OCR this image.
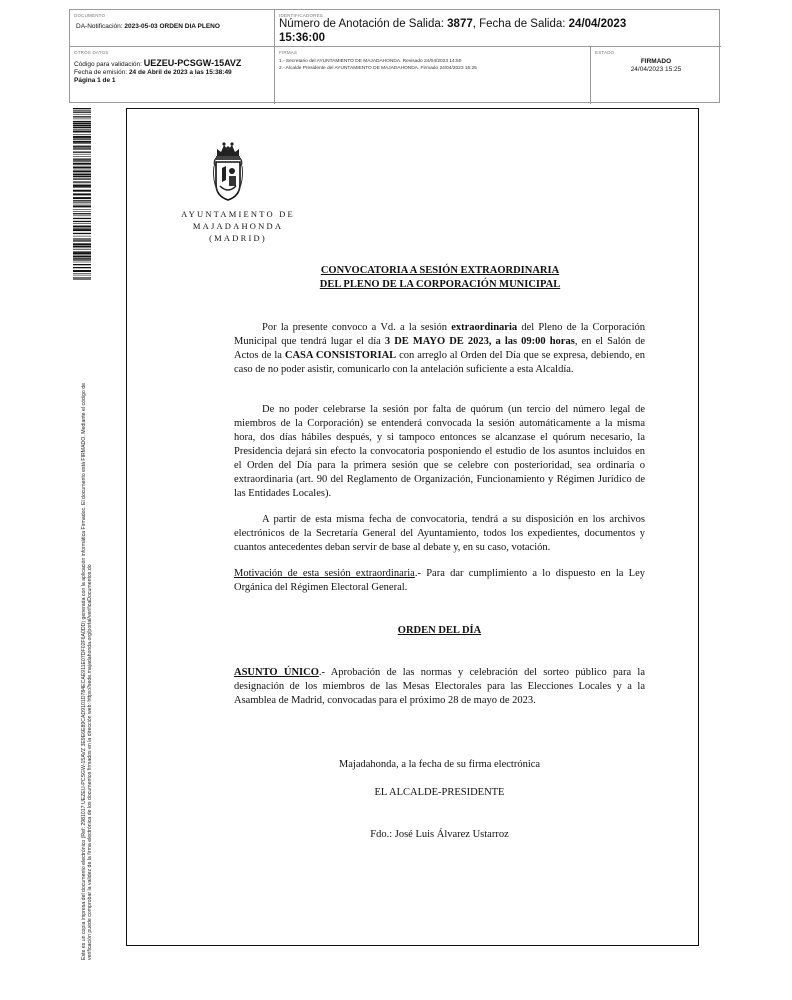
DOCUMENTO
DA-Notificación: 2023-05-03 ORDEN DIA PLENO
IDENTIFICADORES
Número de Anotación de Salida: 3877, Fecha de Salida: 24/04/2023
15:36:00
OTROS DATOS
Código para validación: UEZEU-PCSGW-15AVZ
Fecha de emisión: 24 de Abril de 2023 a las 15:38:49
Página 1 de 1
FIRMAS
1.- Secretario del AYUNTAMIENTO DE MAJADAHONDA. Revisado 24/04/2023 14:50
2.- Alcalde Presidente del AYUNTAMIENTO DE MAJADAHONDA. Firmado 24/04/2023 15:25
ESTADO
FIRMADO
24/04/2023 15:25
Este es un copia impresa del documento electrónico (Ref: 2981017 UEZEU-PCSGW-15AVZ 3E9E6E89CAD9101D784ECAE911E07DF02F6A0DD) generada con la aplicación informática Firmadoc. El documento está FIRMADO. Mediante el código de verificación puede comprobar la validez de la firma electrónica de los documentos firmados en la dirección web: https://sede.majadahonda.org/portal/verificaDocumentos.do
AYUNTAMIENTO DE
MAJADAHONDA
(MADRID)
CONVOCATORIA A SESIÓN EXTRAORDINARIA
DEL PLENO DE LA CORPORACIÓN MUNICIPAL
Por la presente convoco a Vd. a la sesión extraordinaria del Pleno de la Corporación Municipal que tendrá lugar el día 3 DE MAYO DE 2023, a las 09:00 horas, en el Salón de Actos de la CASA CONSISTORIAL con arreglo al Orden del Día que se expresa, debiendo, en caso de no poder asistir, comunicarlo con la antelación suficiente a esta Alcaldía.
De no poder celebrarse la sesión por falta de quórum (un tercio del número legal de miembros de la Corporación) se entenderá convocada la sesión automáticamente a la misma hora, dos días hábiles después, y si tampoco entonces se alcanzase el quórum necesario, la Presidencia dejará sin efecto la convocatoria posponiendo el estudio de los asuntos incluidos en el Orden del Día para la primera sesión que se celebre con posterioridad, sea ordinaria o extraordinaria (art. 90 del Reglamento de Organización, Funcionamiento y Régimen Jurídico de las Entidades Locales).
A partir de esta misma fecha de convocatoria, tendrá a su disposición en los archivos electrónicos de la Secretaría General del Ayuntamiento, todos los expedientes, documentos y cuantos antecedentes deban servir de base al debate y, en su caso, votación.
Motivación de esta sesión extraordinaria.- Para dar cumplimiento a lo dispuesto en la Ley Orgánica del Régimen Electoral General.
ORDEN DEL DÍA
ASUNTO ÚNICO.- Aprobación de las normas y celebración del sorteo público para la designación de los miembros de las Mesas Electorales para las Elecciones Locales y a la Asamblea de Madrid, convocadas para el próximo 28 de mayo de 2023.
Majadahonda, a la fecha de su firma electrónica
EL ALCALDE-PRESIDENTE
Fdo.: José Luis Álvarez Ustarroz
